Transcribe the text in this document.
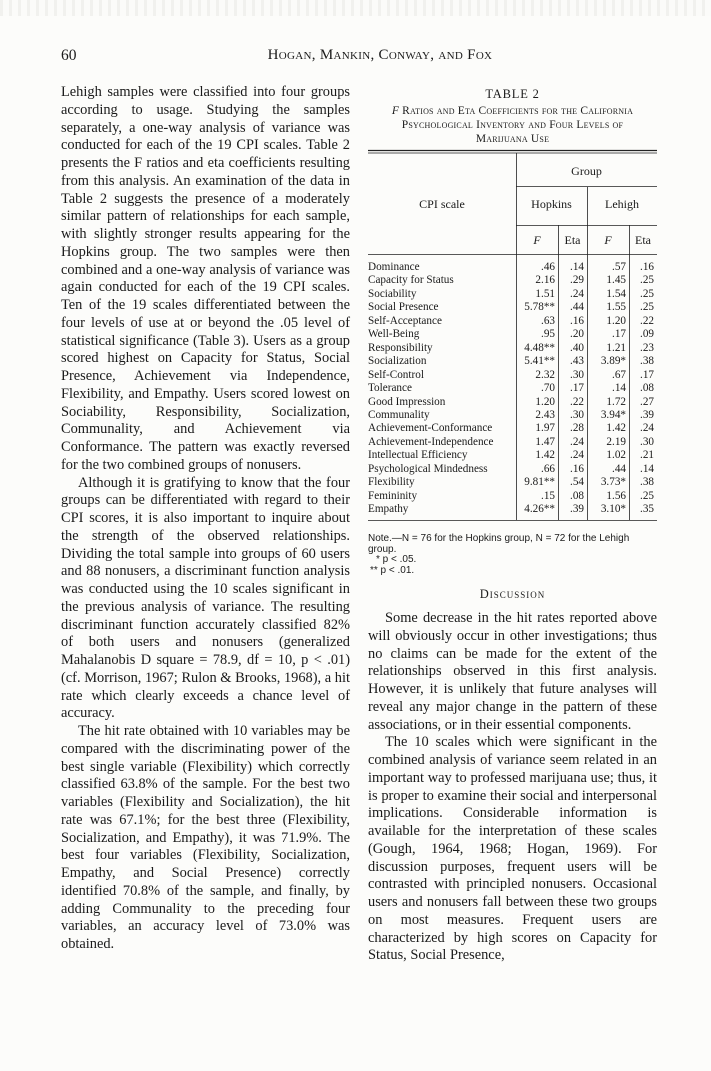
60	Hogan, Mankin, Conway, and Fox

Lehigh samples were classified into four groups according to usage. Studying the samples separately, a one-way analysis of variance was conducted for each of the 19 CPI scales. Table 2 presents the F ratios and eta coefficients resulting from this analysis. An examination of the data in Table 2 suggests the presence of a moderately similar pattern of relationships for each sample, with slightly stronger results appearing for the Hopkins group. The two samples were then combined and a one-way analysis of variance was again conducted for each of the 19 CPI scales. Ten of the 19 scales differentiated between the four levels of use at or beyond the .05 level of statistical significance (Table 3). Users as a group scored highest on Capacity for Status, Social Presence, Achievement via Independence, Flexibility, and Empathy. Users scored lowest on Sociability, Responsibility, Socialization, Communality, and Achievement via Conformance. The pattern was exactly reversed for the two combined groups of nonusers.

Although it is gratifying to know that the four groups can be differentiated with regard to their CPI scores, it is also important to inquire about the strength of the observed relationships. Dividing the total sample into groups of 60 users and 88 nonusers, a discriminant function analysis was conducted using the 10 scales significant in the previous analysis of variance. The resulting discriminant function accurately classified 82% of both users and nonusers (generalized Mahalanobis D square = 78.9, df = 10, p < .01) (cf. Morrison, 1967; Rulon & Brooks, 1968), a hit rate which clearly exceeds a chance level of accuracy.

The hit rate obtained with 10 variables may be compared with the discriminating power of the best single variable (Flexibility) which correctly classified 63.8% of the sample. For the best two variables (Flexibility and Socialization), the hit rate was 67.1%; for the best three (Flexibility, Socialization, and Empathy), it was 71.9%. The best four variables (Flexibility, Socialization, Empathy, and Social Presence) correctly identified 70.8% of the sample, and finally, by adding Communality to the preceding four variables, an accuracy level of 73.0% was obtained.

TABLE 2
F Ratios and Eta Coefficients for the California Psychological Inventory and Four Levels of Marijuana Use
Group
CPI scale	Hopkins	Lehigh
F	Eta	F	Eta
Dominance	.46	.14	.57	.16
Capacity for Status	2.16	.29	1.45	.25
Sociability	1.51	.24	1.54	.25
Social Presence	5.78**	.44	1.55	.25
Self-Acceptance	.63	.16	1.20	.22
Well-Being	.95	.20	.17	.09
Responsibility	4.48**	.40	1.21	.23
Socialization	5.41**	.43	3.89*	.38
Self-Control	2.32	.30	.67	.17
Tolerance	.70	.17	.14	.08
Good Impression	1.20	.22	1.72	.27
Communality	2.43	.30	3.94*	.39
Achievement-Conformance	1.97	.28	1.42	.24
Achievement-Independence	1.47	.24	2.19	.30
Intellectual Efficiency	1.42	.24	1.02	.21
Psychological Mindedness	.66	.16	.44	.14
Flexibility	9.81**	.54	3.73*	.38
Femininity	.15	.08	1.56	.25
Empathy	4.26**	.39	3.10*	.35
Note.—N = 76 for the Hopkins group, N = 72 for the Lehigh group.
* p < .05.
** p < .01.
Discussion

Some decrease in the hit rates reported above will obviously occur in other investigations; thus no claims can be made for the extent of the relationships observed in this first analysis. However, it is unlikely that future analyses will reveal any major change in the pattern of these associations, or in their essential components.

The 10 scales which were significant in the combined analysis of variance seem related in an important way to professed marijuana use; thus, it is proper to examine their social and interpersonal implications. Considerable information is available for the interpretation of these scales (Gough, 1964, 1968; Hogan, 1969). For discussion purposes, frequent users will be contrasted with principled nonusers. Occasional users and nonusers fall between these two groups on most measures. Frequent users are characterized by high scores on Capacity for Status, Social Presence,
